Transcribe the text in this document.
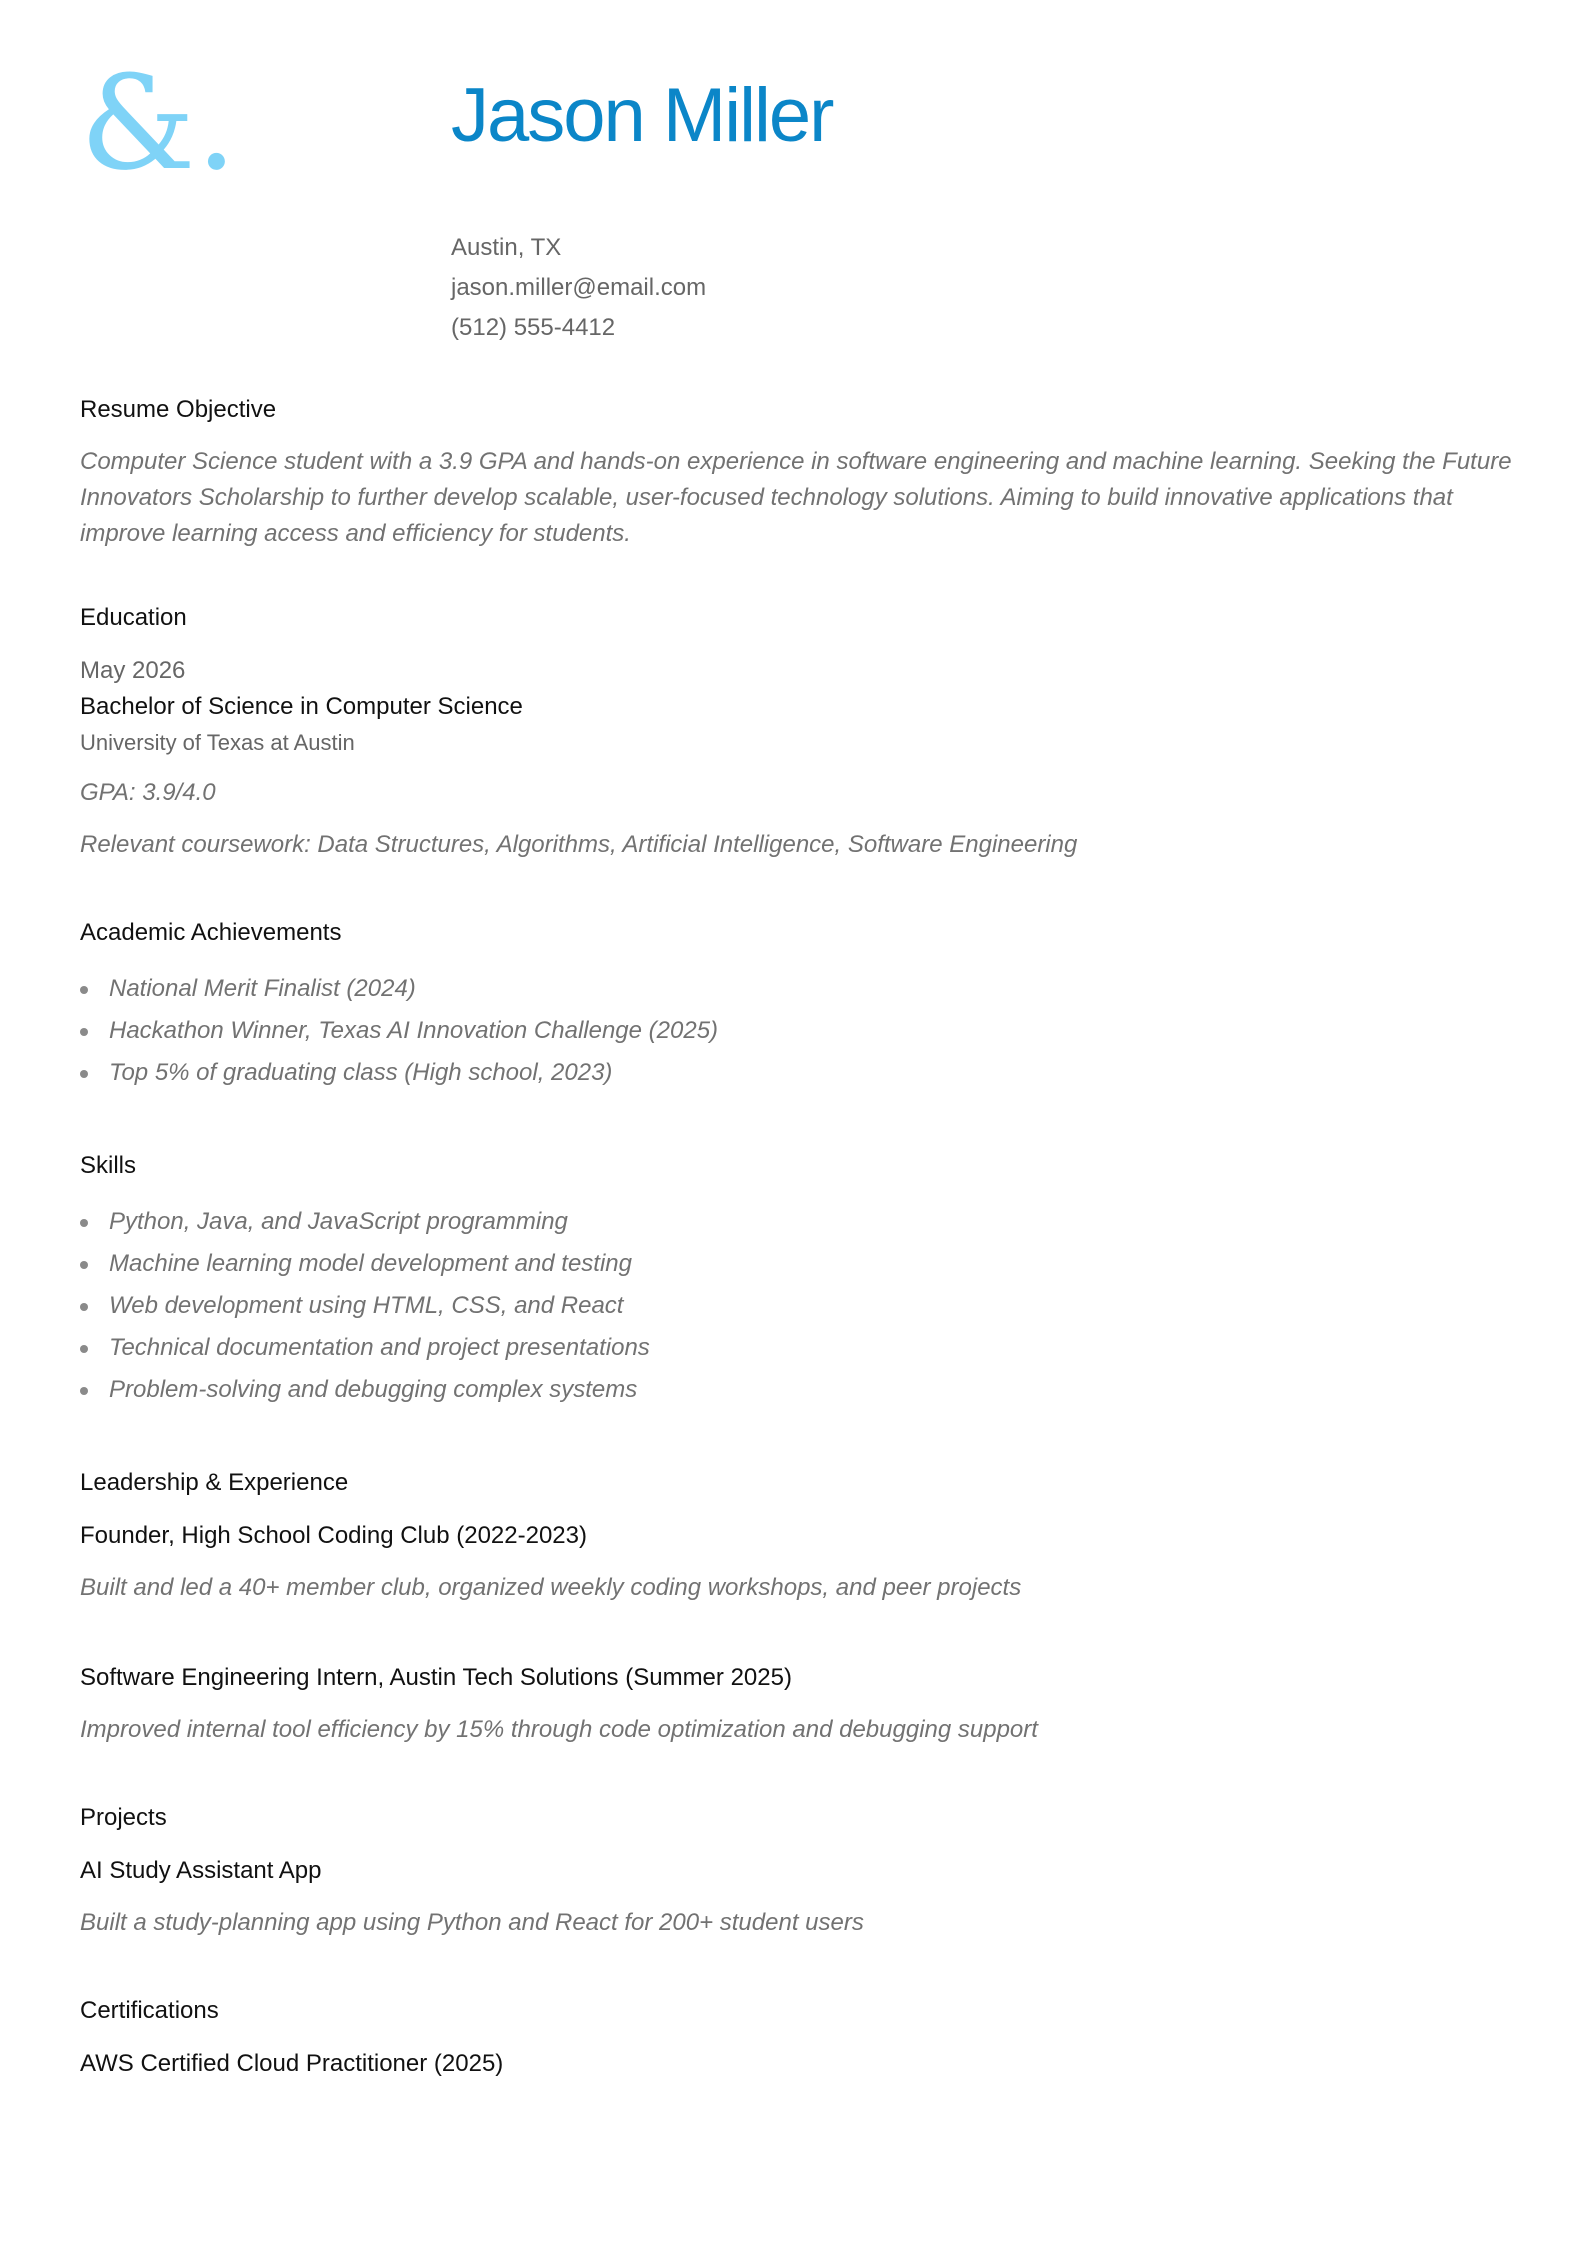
&.	Jason Miller
Austin, TX
jason.miller@email.com
(512) 555-4412
Resume Objective
Computer Science student with a 3.9 GPA and hands-on experience in software engineering and machine learning. Seeking the Future Innovators Scholarship to further develop scalable, user-focused technology solutions. Aiming to build innovative applications that improve learning access and efficiency for students.
Education
May 2026
Bachelor of Science in Computer Science
University of Texas at Austin
GPA: 3.9/4.0
Relevant coursework: Data Structures, Algorithms, Artificial Intelligence, Software Engineering
Academic Achievements
National Merit Finalist (2024)
Hackathon Winner, Texas AI Innovation Challenge (2025)
Top 5% of graduating class (High school, 2023)
Skills
Python, Java, and JavaScript programming
Machine learning model development and testing
Web development using HTML, CSS, and React
Technical documentation and project presentations
Problem-solving and debugging complex systems
Leadership & Experience
Founder, High School Coding Club (2022-2023)
Built and led a 40+ member club, organized weekly coding workshops, and peer projects
Software Engineering Intern, Austin Tech Solutions (Summer 2025)
Improved internal tool efficiency by 15% through code optimization and debugging support
Projects
AI Study Assistant App
Built a study-planning app using Python and React for 200+ student users
Certifications
AWS Certified Cloud Practitioner (2025)
